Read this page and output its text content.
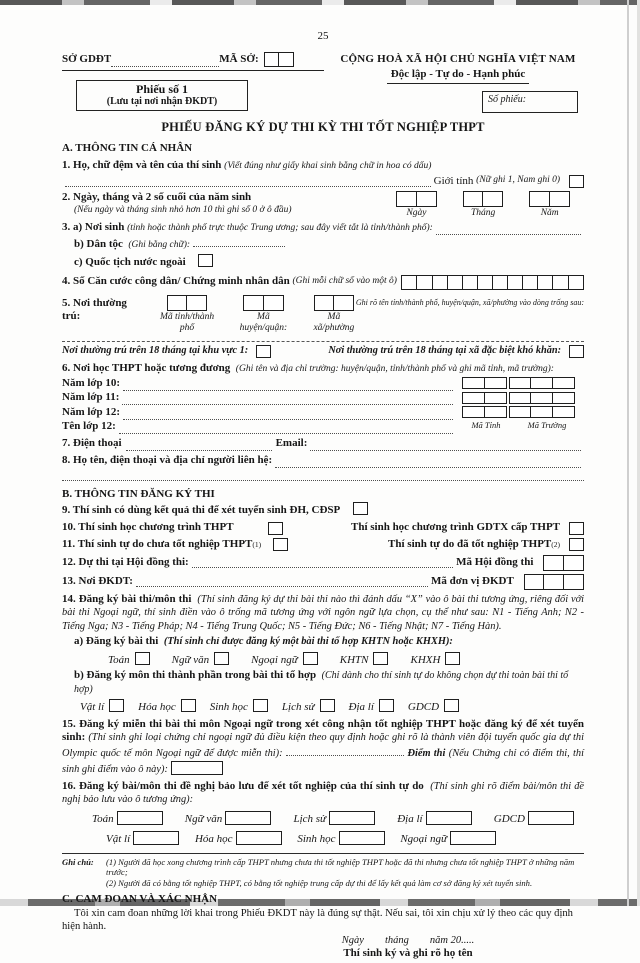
25
SỞ GDĐT	MÃ SỞ:
Phiếu số 1
(Lưu tại nơi nhận ĐKDT)
CỘNG HOÀ XÃ HỘI CHỦ NGHĨA VIỆT NAM
Độc lập - Tự do - Hạnh phúc
Số phiếu:
PHIẾU ĐĂNG KÝ DỰ THI KỲ THI TỐT NGHIỆP THPT
A. THÔNG TIN CÁ NHÂN
1. Họ, chữ đệm và tên của thí sinh (Viết đúng như giấy khai sinh bằng chữ in hoa có dấu)
Giới tính
(Nữ ghi 1, Nam ghi 0)
2. Ngày, tháng và 2 số cuối của năm sinh
(Nếu ngày và tháng sinh nhỏ hơn 10 thì ghi số 0 ở ô đầu)	Ngày	Tháng	Năm
3. a) Nơi sinh
(tỉnh hoặc thành phố trực thuộc Trung ương; sau đây viết tắt là tỉnh/thành phố):
b) Dân tộc (Ghi bằng chữ):
c) Quốc tịch nước ngoài
4. Số Căn cước công dân/ Chứng minh nhân dân
(Ghi mỗi chữ số vào một ô)
5. Nơi thường trú:	Mã tỉnh/thành phố
Mã huyện/quận:
Mã xã/phường
Ghi rõ tên tỉnh/thành phố, huyện/quận, xã/phường vào dòng trống sau:
Nơi thường trú trên 18 tháng tại khu vực 1:	Nơi thường trú trên 18 tháng tại xã đặc biệt khó khăn:
6. Nơi học THPT hoặc tương đương (Ghi tên và địa chỉ trường: huyện/quận, tỉnh/thành phố và ghi mã tỉnh, mã trường):
Năm lớp 10:
Năm lớp 11:
Năm lớp 12:
Tên lớp 12:	Mã Tỉnh	Mã Trường
7. Điện thoại	Email:
8. Họ tên, điện thoại và địa chỉ người liên hệ:
B. THÔNG TIN ĐĂNG KÝ THI
9. Thí sinh có dùng kết quả thi để xét tuyển sinh ĐH, CĐSP
10. Thí sinh học chương trình THPT	Thí sinh học chương trình GDTX cấp THPT
11. Thí sinh tự do chưa tốt nghiệp THPT (1)	Thí sinh tự do đã tốt nghiệp THPT (2)
12. Dự thi tại Hội đồng thi:	Mã Hội đồng thi
13. Nơi ĐKDT:	Mã đơn vị ĐKDT
14. Đăng ký bài thi/môn thi (Thí sinh đăng ký dự thi bài thi nào thì đánh dấu “X” vào ô bài thi tương ứng, riêng đối với bài thi Ngoại ngữ, thí sinh điền vào ô trống mã tương ứng với ngôn ngữ lựa chọn, cụ thể như sau: N1 - Tiếng Anh; N2 - Tiếng Nga; N3 - Tiếng Pháp; N4 - Tiếng Trung Quốc; N5 - Tiếng Đức; N6 - Tiếng Nhật; N7 - Tiếng Hàn).
a) Đăng ký bài thi (Thí sinh chỉ được đăng ký một bài thi tổ hợp KHTN hoặc KHXH):
Toán	Ngữ văn	Ngoại ngữ	KHTN	KHXH
b) Đăng ký môn thi thành phần trong bài thi tổ hợp (Chỉ dành cho thí sinh tự do không chọn dự thi toàn bài thi tổ hợp)
Vật lí	Hóa học	Sinh học	Lịch sử	Địa lí	GDCD
15. Đăng ký miễn thi bài thi môn Ngoại ngữ trong xét công nhận tốt nghiệp THPT hoặc đăng ký để xét tuyển sinh: (Thí sinh ghi loại chứng chỉ ngoại ngữ đủ điều kiện theo quy định hoặc ghi rõ là thành viên đội tuyển quốc gia dự thi Olympic quốc tế môn Ngoại ngữ để được miễn thi):	Điểm thi (Nếu Chứng chỉ có điểm thi, thí sinh ghi điểm vào ô này):
16. Đăng ký bài/môn thi đề nghị bảo lưu để xét tốt nghiệp của thí sinh tự do (Thí sinh ghi rõ điểm bài/môn thi đề nghị bảo lưu vào ô tương ứng):
Toán	Ngữ văn	Lịch sử	Địa lí	GDCD
Vật lí	Hóa học	Sinh học	Ngoại ngữ
Ghi chú:	(1) Người đã học xong chương trình cấp THPT nhưng chưa thi tốt nghiệp THPT hoặc đã thi nhưng chưa tốt nghiệp THPT ở những năm trước;
(2) Người đã có bằng tốt nghiệp THPT, có bằng tốt nghiệp trung cấp dự thi để lấy kết quả làm cơ sở đăng ký xét tuyển sinh.
C. CAM ĐOAN VÀ XÁC NHẬN
Tôi xin cam đoan những lời khai trong Phiếu ĐKDT này là đúng sự thật. Nếu sai, tôi xin chịu xử lý theo các quy định hiện hành.
Ngày        tháng        năm 20.....
Thí sinh ký và ghi rõ họ tên
